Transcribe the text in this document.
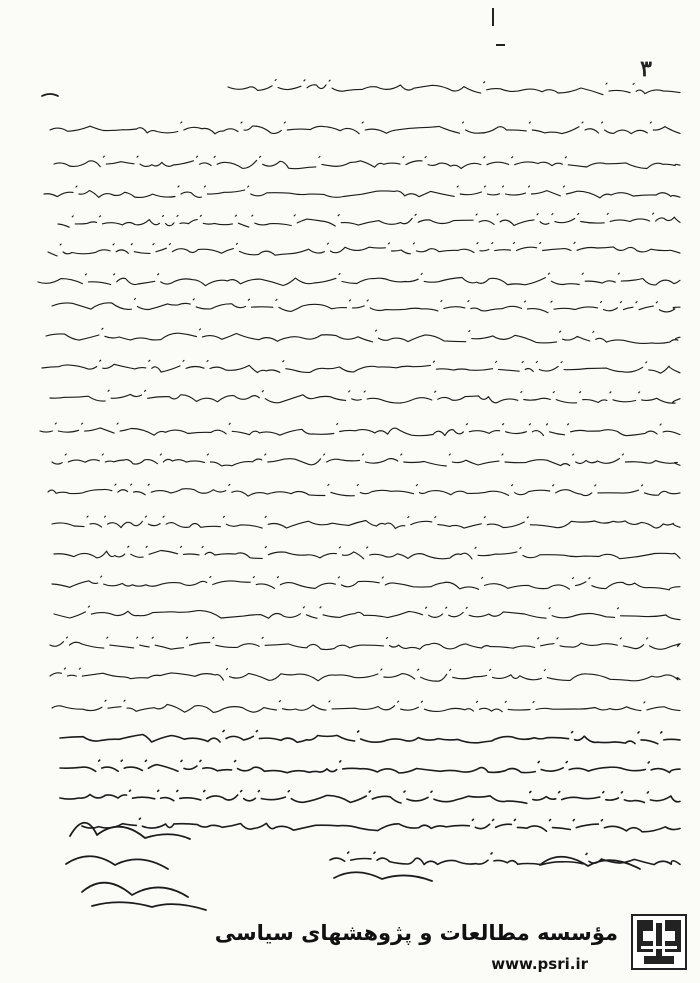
۳
مؤسسه مطالعات و پژوهشهای سیاسی
www.psri.ir
